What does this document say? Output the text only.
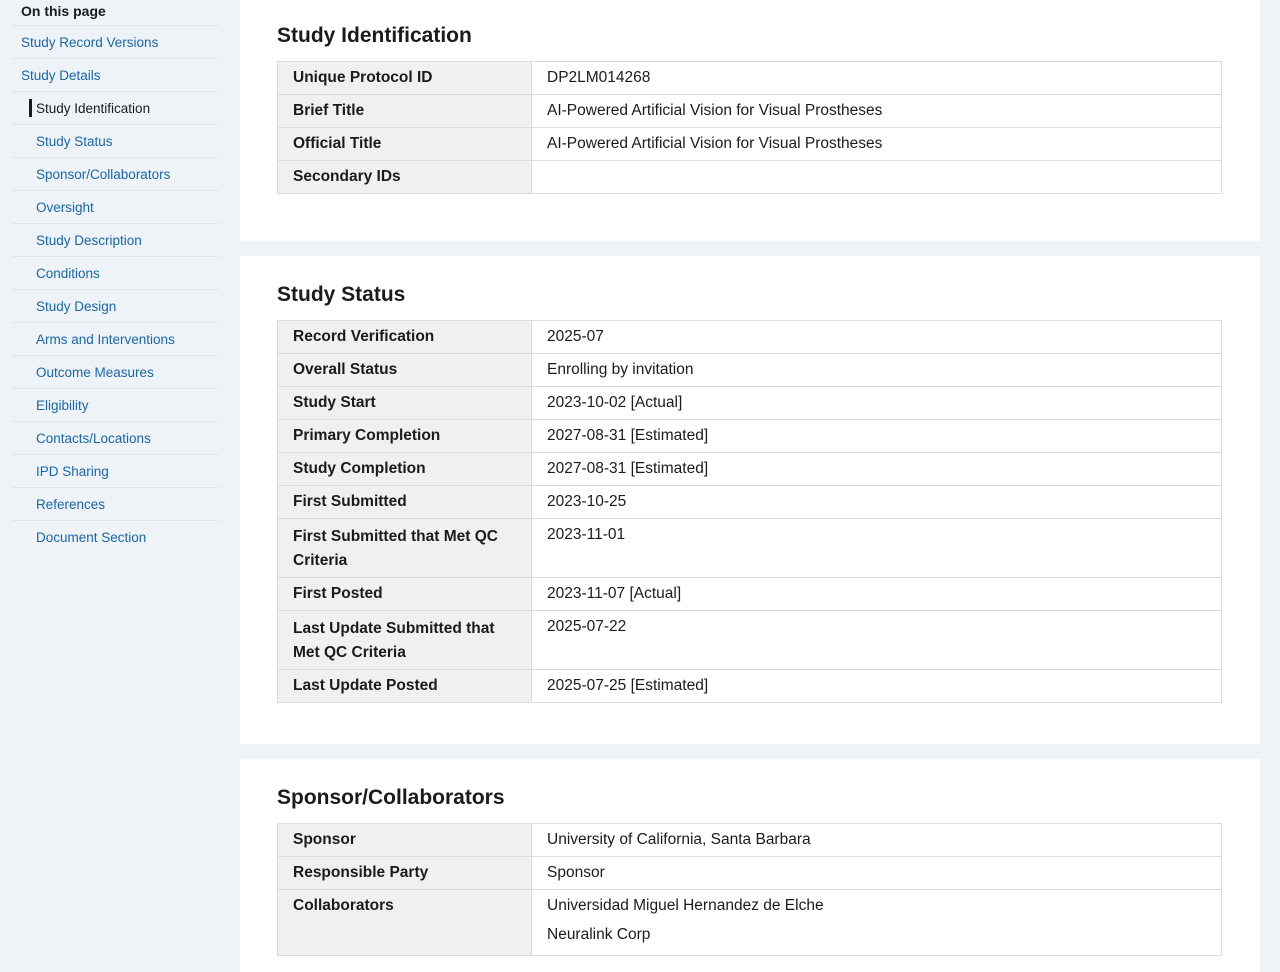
On this page
Study Record Versions
Study Details
Study Identification
Study Status
Sponsor/Collaborators
Oversight
Study Description
Conditions
Study Design
Arms and Interventions
Outcome Measures
Eligibility
Contacts/Locations
IPD Sharing
References
Document Section
Study Identification
Unique Protocol ID	DP2LM014268
Brief Title	AI-Powered Artificial Vision for Visual Prostheses
Official Title	AI-Powered Artificial Vision for Visual Prostheses
Secondary IDs	
Study Status
Record Verification	2025-07
Overall Status	Enrolling by invitation
Study Start	2023-10-02 [Actual]
Primary Completion	2027-08-31 [Estimated]
Study Completion	2027-08-31 [Estimated]
First Submitted	2023-10-25
First Submitted that Met QC Criteria	2023-11-01
First Posted	2023-11-07 [Actual]
Last Update Submitted that Met QC Criteria	2025-07-22
Last Update Posted	2025-07-25 [Estimated]
Sponsor/Collaborators
Sponsor	University of California, Santa Barbara
Responsible Party	Sponsor
Collaborators	Universidad Miguel Hernandez de Elche
Neuralink Corp
